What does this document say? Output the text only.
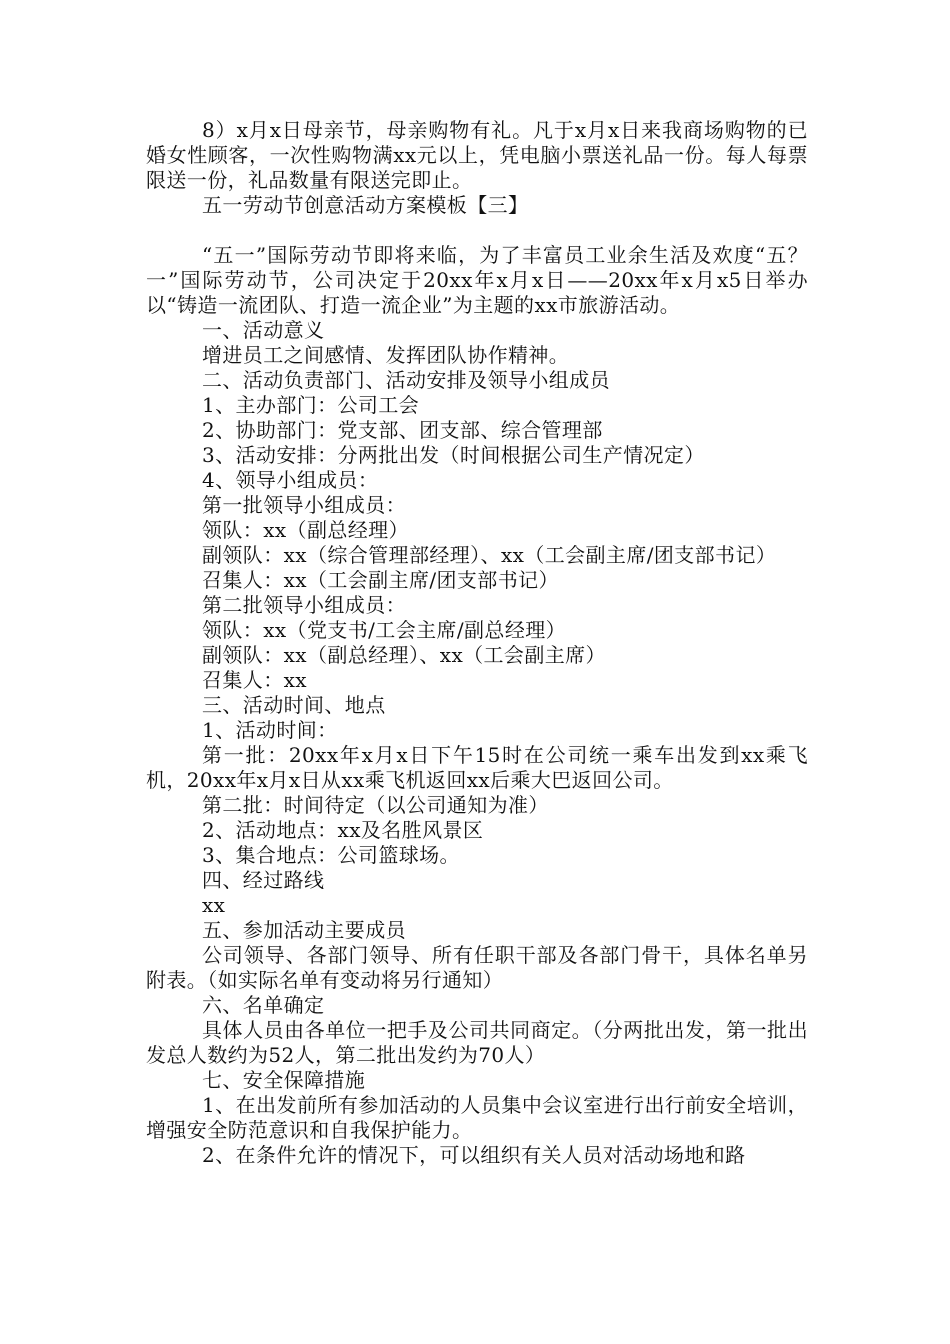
8）x月x日母亲节，母亲购物有礼。凡于x月x日来我商场购物的已婚女性顾客，一次性购物满xx元以上，凭电脑小票送礼品一份。每人每票限送一份，礼品数量有限送完即止。

五一劳动节创意活动方案模板【三】

“五一”国际劳动节即将来临，为了丰富员工业余生活及欢度“五？一”国际劳动节，公司决定于20xx年x月x日——20xx年x月x5日举办以“铸造一流团队、打造一流企业”为主题的xx市旅游活动。

一、活动意义

增进员工之间感情、发挥团队协作精神。

二、活动负责部门、活动安排及领导小组成员

1、主办部门：公司工会

2、协助部门：党支部、团支部、综合管理部

3、活动安排：分两批出发（时间根据公司生产情况定）

4、领导小组成员：

第一批领导小组成员：

领队：xx（副总经理）

副领队：xx（综合管理部经理）、xx（工会副主席/团支部书记）

召集人：xx（工会副主席/团支部书记）

第二批领导小组成员：

领队：xx（党支书/工会主席/副总经理）

副领队：xx（副总经理）、xx（工会副主席）

召集人：xx

三、活动时间、地点

1、活动时间：

第一批：20xx年x月x日下午15时在公司统一乘车出发到xx乘飞机，20xx年x月x日从xx乘飞机返回xx后乘大巴返回公司。

第二批：时间待定（以公司通知为准）

2、活动地点：xx及名胜风景区

3、集合地点：公司篮球场。

四、经过路线

xx

五、参加活动主要成员

公司领导、各部门领导、所有任职干部及各部门骨干，具体名单另附表。（如实际名单有变动将另行通知）

六、名单确定

具体人员由各单位一把手及公司共同商定。（分两批出发，第一批出发总人数约为52人，第二批出发约为70人）

七、安全保障措施

1、在出发前所有参加活动的人员集中会议室进行出行前安全培训，增强安全防范意识和自我保护能力。

2、在条件允许的情况下，可以组织有关人员对活动场地和路
